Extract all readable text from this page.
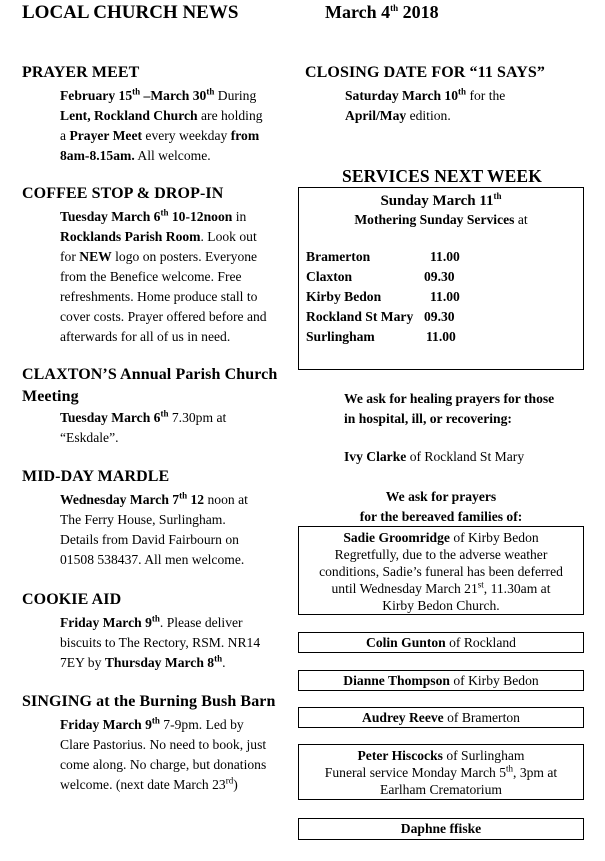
LOCAL CHURCH NEWS	March 4th 2018
PRAYER MEET
February 15th –March 30th During
Lent, Rockland Church are holding
a Prayer Meet every weekday from
8am-8.15am. All welcome.
COFFEE STOP & DROP-IN
Tuesday March 6th 10-12noon in
Rocklands Parish Room. Look out
for NEW logo on posters. Everyone
from the Benefice welcome. Free
refreshments. Home produce stall to
cover costs. Prayer offered before and
afterwards for all of us in need.
CLAXTON’S Annual Parish Church
Meeting
Tuesday March 6th 7.30pm at
“Eskdale”.
MID-DAY MARDLE
Wednesday March 7th 12 noon at
The Ferry House, Surlingham.
Details from David Fairbourn on
01508 538437. All men welcome.
COOKIE AID
Friday March 9th. Please deliver
biscuits to The Rectory, RSM. NR14
7EY by Thursday March 8th.
SINGING at the Burning Bush Barn
Friday March 9th 7-9pm. Led by
Clare Pastorius. No need to book, just
come along. No charge, but donations
welcome. (next date March 23rd)
CLOSING DATE FOR “11 SAYS”
Saturday March 10th for the
April/May edition.
SERVICES NEXT WEEK
Sunday March 11th
Mothering Sunday Services at
Bramerton	11.00
Claxton	09.30
Kirby Bedon	11.00
Rockland St Mary 09.30
Surlingham	11.00
We ask for healing prayers for those
in hospital, ill, or recovering:
Ivy Clarke of Rockland St Mary
We ask for prayers
for the bereaved families of:
Sadie Groomridge of Kirby Bedon
Regretfully, due to the adverse weather
conditions, Sadie’s funeral has been deferred
until Wednesday March 21st, 11.30am at
Kirby Bedon Church.
Colin Gunton of Rockland
Dianne Thompson of Kirby Bedon
Audrey Reeve of Bramerton
Peter Hiscocks of Surlingham
Funeral service Monday March 5th, 3pm at
Earlham Crematorium
Daphne ffiske
